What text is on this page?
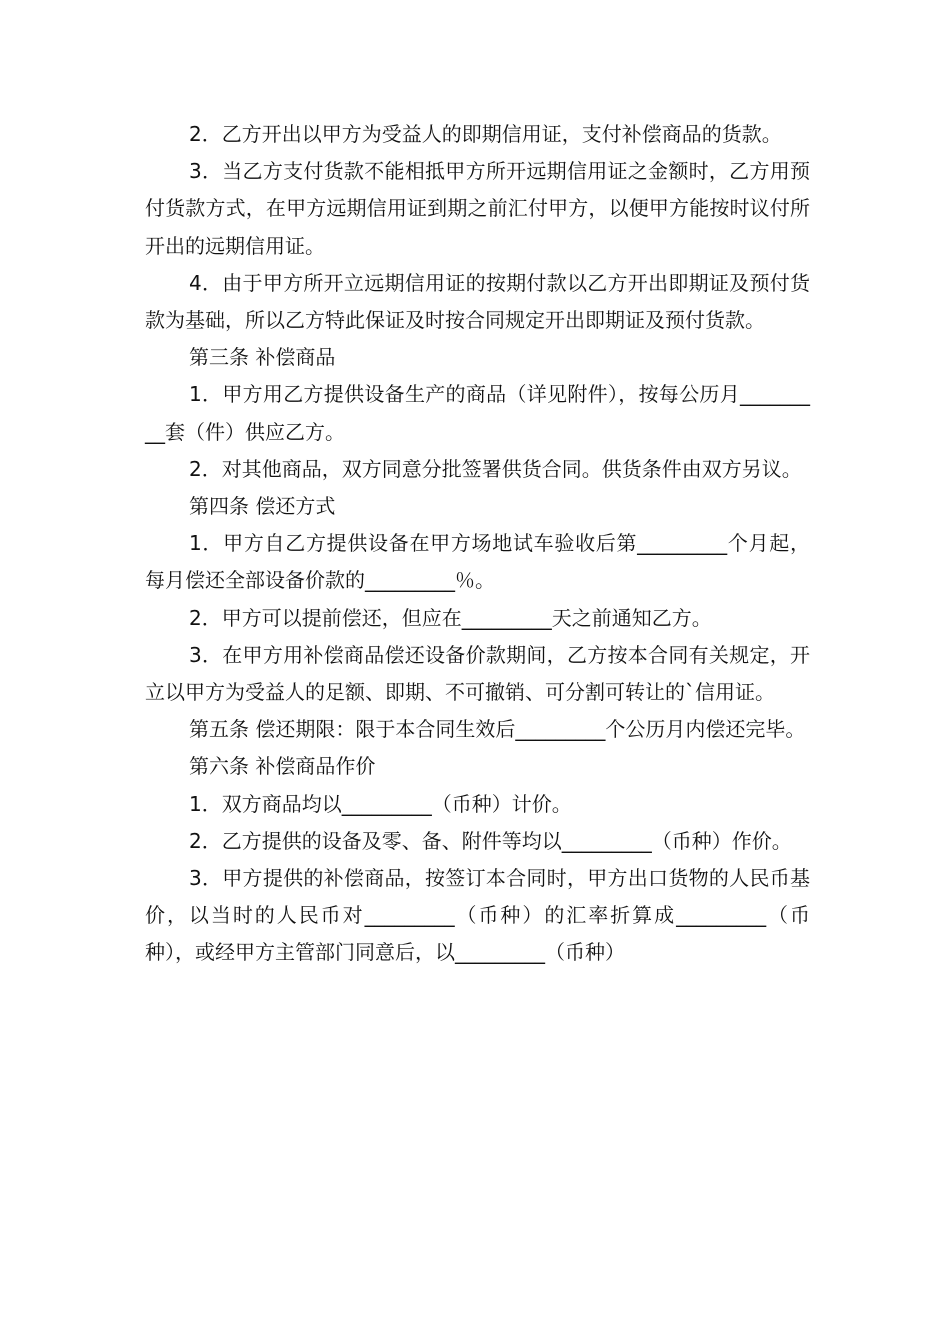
2．乙方开出以甲方为受益人的即期信用证，支付补偿商品的货款。

3．当乙方支付货款不能相抵甲方所开远期信用证之金额时，乙方用预付货款方式，在甲方远期信用证到期之前汇付甲方，以便甲方能按时议付所开出的远期信用证。

4．由于甲方所开立远期信用证的按期付款以乙方开出即期证及预付货款为基础，所以乙方特此保证及时按合同规定开出即期证及预付货款。

第三条 补偿商品

1．甲方用乙方提供设备生产的商品（详见附件），按每公历月_________套（件）供应乙方。

2．对其他商品，双方同意分批签署供货合同。供货条件由双方另议。

第四条 偿还方式

1．甲方自乙方提供设备在甲方场地试车验收后第_________个月起，每月偿还全部设备价款的_________％。

2．甲方可以提前偿还，但应在_________天之前通知乙方。

3．在甲方用补偿商品偿还设备价款期间，乙方按本合同有关规定，开立以甲方为受益人的足额、即期、不可撤销、可分割可转让的`信用证。

第五条 偿还期限：限于本合同生效后_________个公历月内偿还完毕。

第六条 补偿商品作价

1．双方商品均以_________（币种）计价。

2．乙方提供的设备及零、备、附件等均以_________（币种）作价。

3．甲方提供的补偿商品，按签订本合同时，甲方出口货物的人民币基价，以当时的人民币对_________（币种）的汇率折算成_________（币种），或经甲方主管部门同意后，以_________（币种）
